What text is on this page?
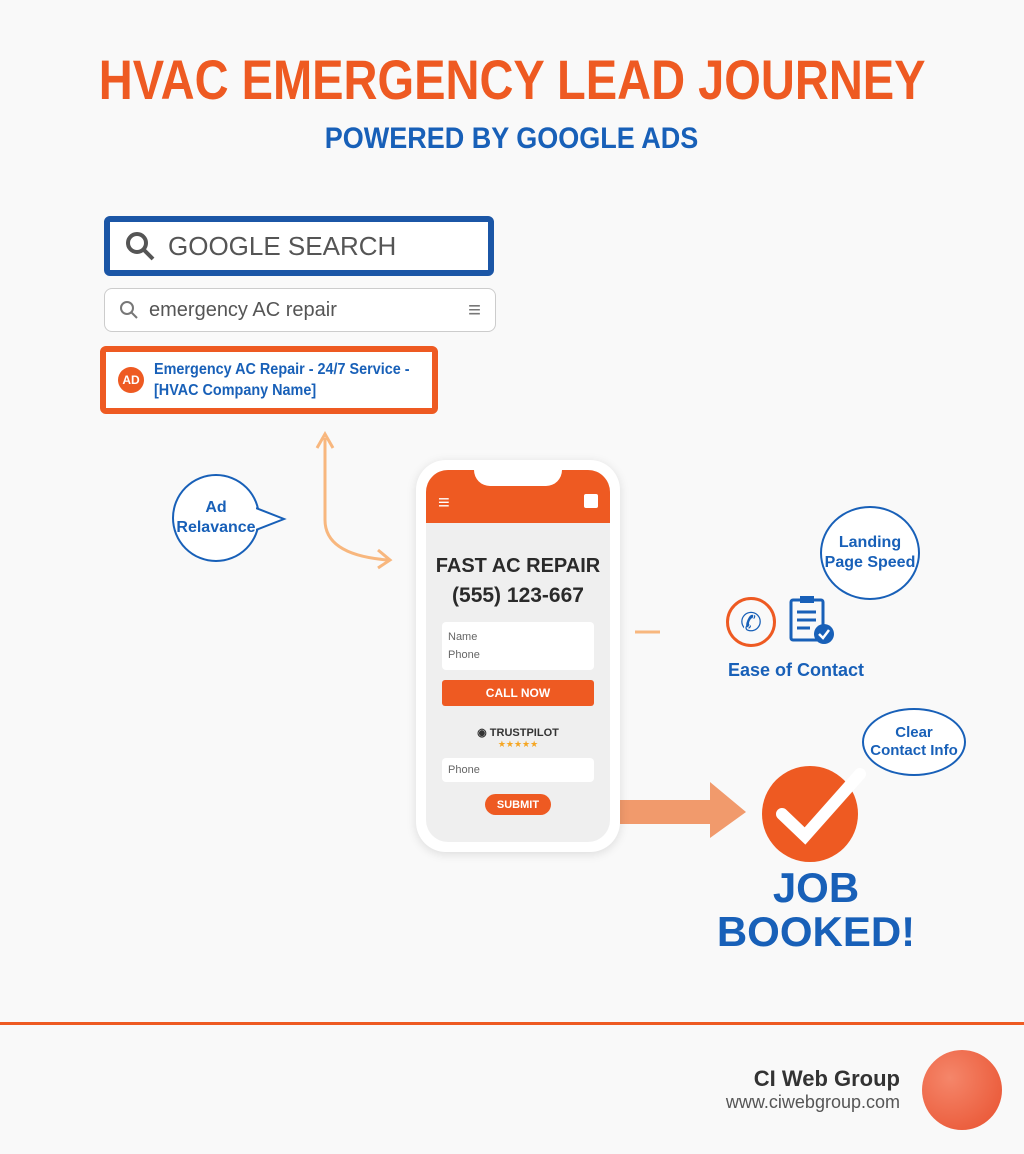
HVAC EMERGENCY LEAD JOURNEY
POWERED BY GOOGLE ADS
GOOGLE SEARCH
emergency AC repair	≡
AD
Emergency AC Repair - 24/7 Service -
[HVAC Company Name]
Ad
Relavance
≡
FAST AC REPAIR
(555) 123-667
Name
Phone
CALL NOW
◉ TRUSTPILOT
★★★★★
Phone
SUBMIT
✆
Ease of Contact
Landing
Page Speed
Clear
Contact Info
JOB
BOOKED!
CI Web Group
www.ciwebgroup.com
